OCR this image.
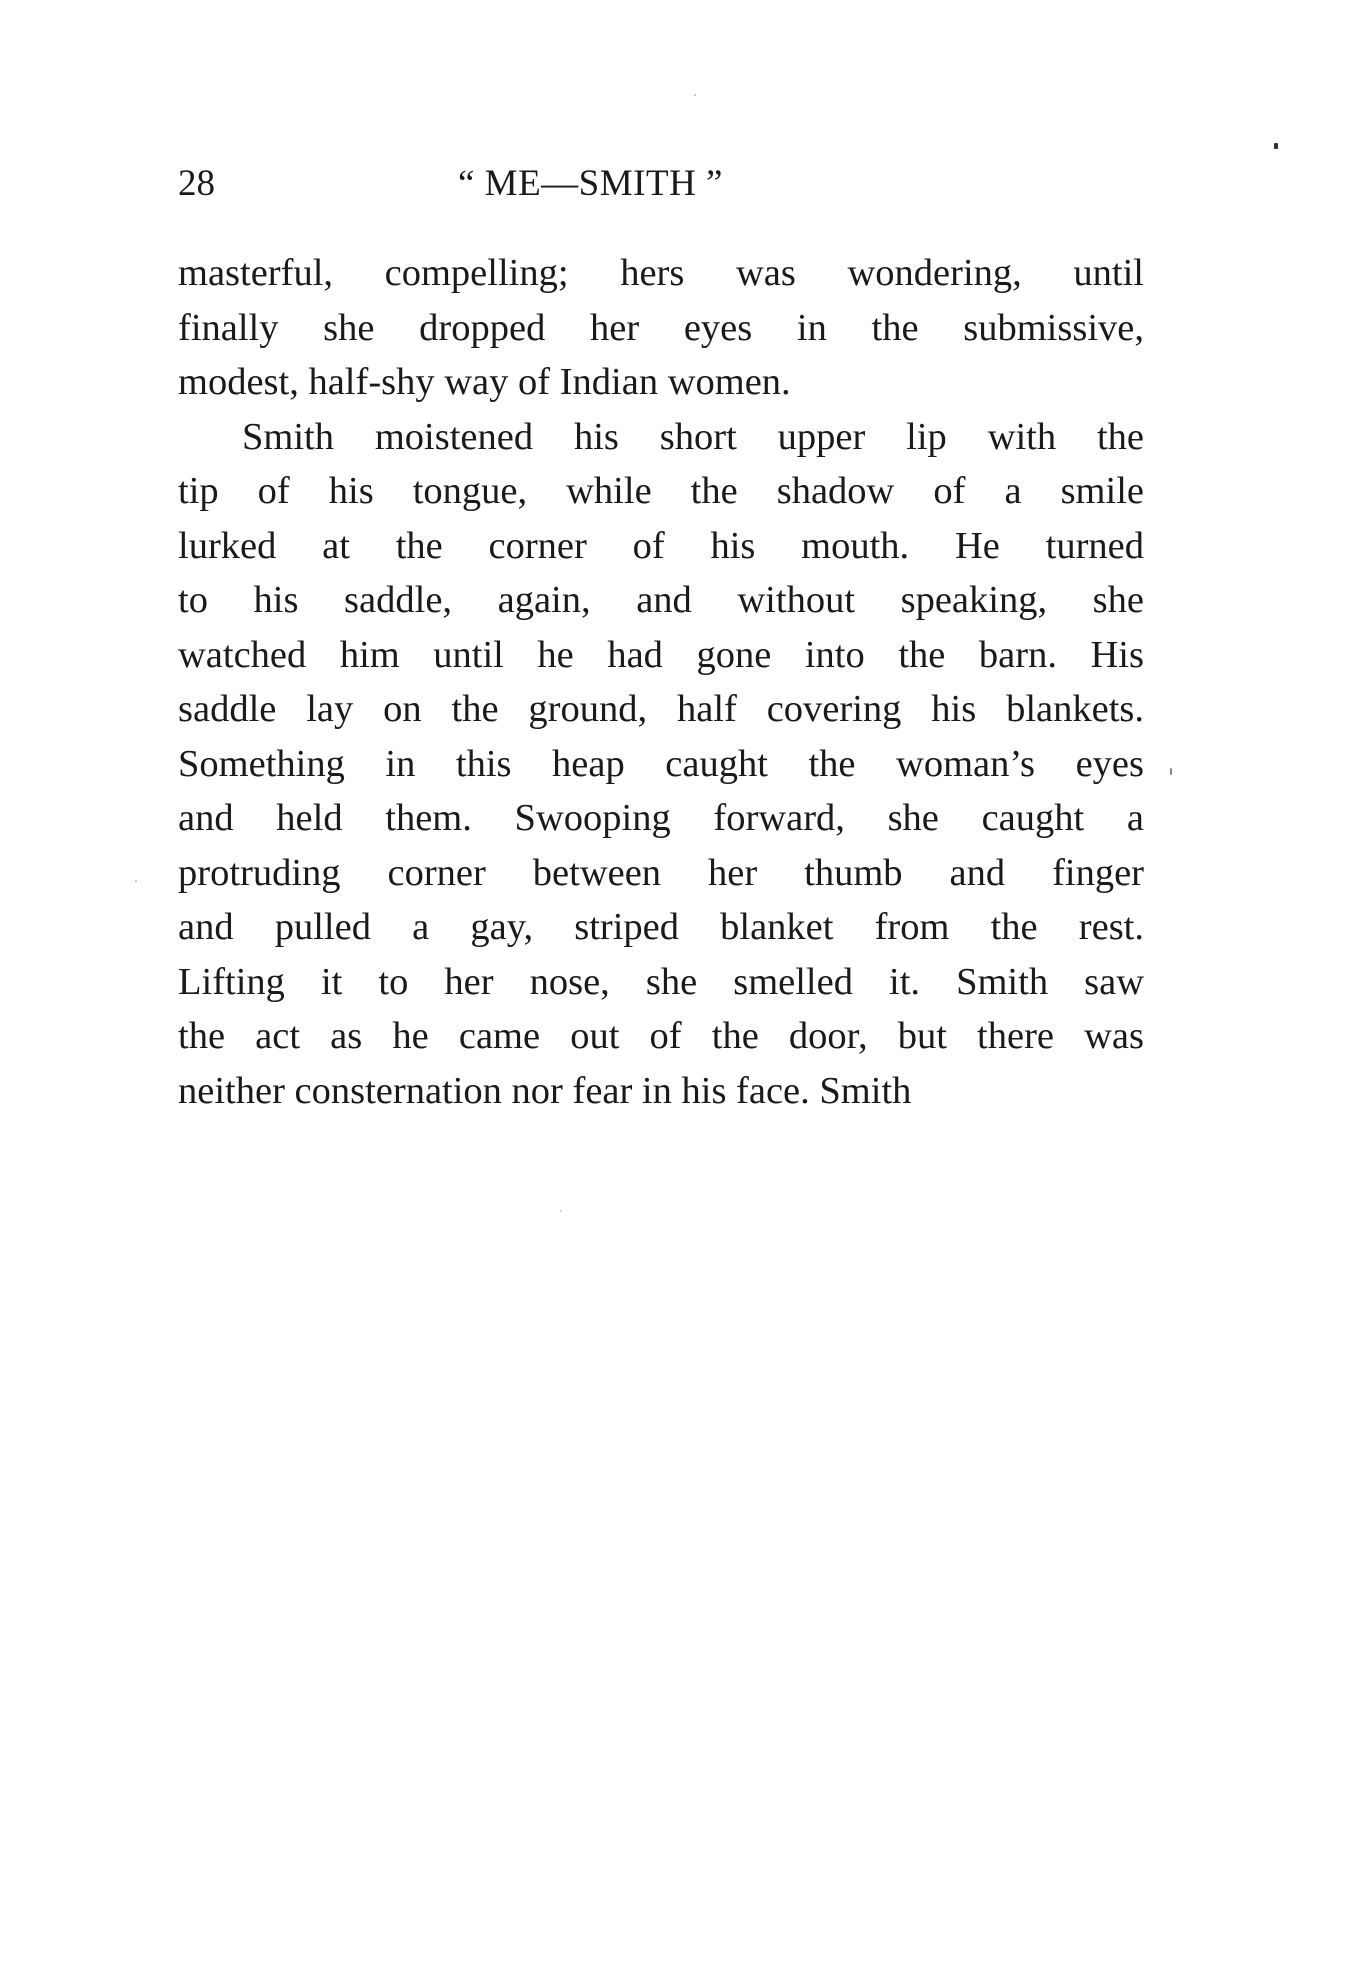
28	“ ME—SMITH ”
masterful, compelling; hers was wondering, until
finally she dropped her eyes in the submissive,
modest, half-shy way of Indian women.
Smith moistened his short upper lip with the
tip of his tongue, while the shadow of a smile
lurked at the corner of his mouth. He turned
to his saddle, again, and without speaking, she
watched him until he had gone into the barn. His
saddle lay on the ground, half covering his blankets.
Something in this heap caught the woman’s eyes
and held them. Swooping forward, she caught a
protruding corner between her thumb and finger
and pulled a gay, striped blanket from the rest.
Lifting it to her nose, she smelled it. Smith saw
the act as he came out of the door, but there was
neither consternation nor fear in his face. Smith
